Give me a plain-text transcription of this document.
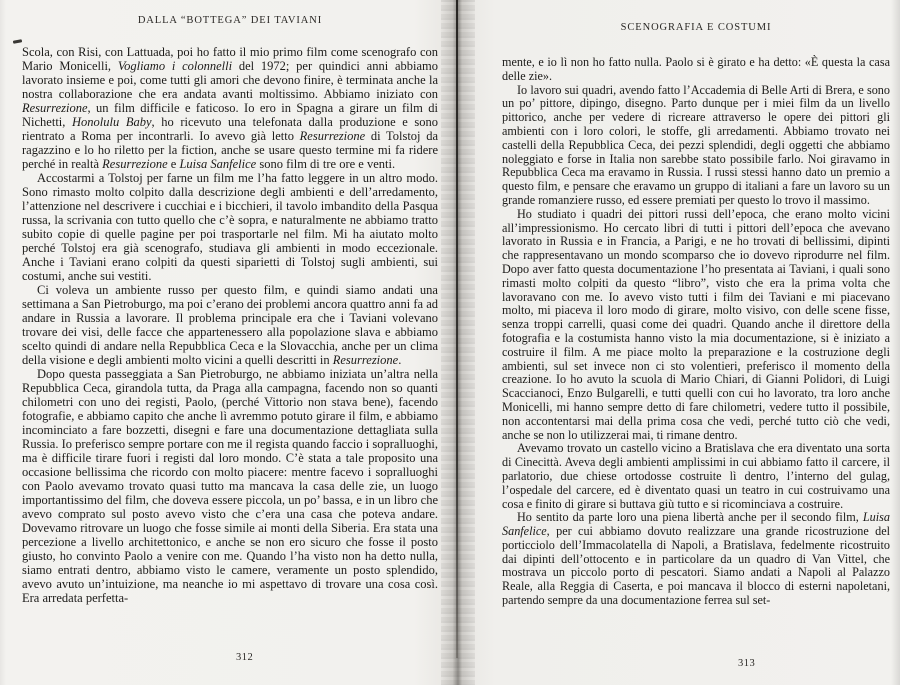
DALLA “BOTTEGA” DEI TAVIANI

Scola, con Risi, con Lattuada, poi ho fatto il mio primo film come scenografo con Mario Monicelli, Vogliamo i colonnelli del 1972; per quindici anni abbiamo lavorato insieme e poi, come tutti gli amori che devono finire, è terminata anche la nostra collaborazione che era andata avanti moltissimo. Abbiamo iniziato con Resurrezione, un film difficile e faticoso. Io ero in Spagna a girare un film di Nichetti, Honolulu Baby, ho ricevuto una telefonata dalla produzione e sono rientrato a Roma per incontrarli. Io avevo già letto Resurrezione di Tolstoj da ragazzino e lo ho riletto per la fiction, anche se usare questo termine mi fa ridere perché in realtà Resurrezione e Luisa Sanfelice sono film di tre ore e venti.

Accostarmi a Tolstoj per farne un film me l’ha fatto leggere in un altro modo. Sono rimasto molto colpito dalla descrizione degli ambienti e dell’arredamento, l’attenzione nel descrivere i cucchiai e i bicchieri, il tavolo imbandito della Pasqua russa, la scrivania con tutto quello che c’è sopra, e naturalmente ne abbiamo tratto subito copie di quelle pagine per poi trasportarle nel film. Mi ha aiutato molto perché Tolstoj era già scenografo, studiava gli ambienti in modo eccezionale. Anche i Taviani erano colpiti da questi siparietti di Tolstoj sugli ambienti, sui costumi, anche sui vestiti.

Ci voleva un ambiente russo per questo film, e quindi siamo andati una settimana a San Pietroburgo, ma poi c’erano dei problemi ancora quattro anni fa ad andare in Russia a lavorare. Il problema principale era che i Taviani volevano trovare dei visi, delle facce che appartenessero alla popolazione slava e abbiamo scelto quindi di andare nella Repubblica Ceca e la Slovacchia, anche per un clima della visione e degli ambienti molto vicini a quelli descritti in Resurrezione.

Dopo questa passeggiata a San Pietroburgo, ne abbiamo iniziata un’altra nella Repubblica Ceca, girandola tutta, da Praga alla campagna, facendo non so quanti chilometri con uno dei registi, Paolo, (perché Vittorio non stava bene), facendo fotografie, e abbiamo capito che anche lì avremmo potuto girare il film, e abbiamo incominciato a fare bozzetti, disegni e fare una documentazione dettagliata sulla Russia. Io preferisco sempre portare con me il regista quando faccio i sopralluoghi, ma è difficile tirare fuori i registi dal loro mondo. C’è stata a tale proposito una occasione bellissima che ricordo con molto piacere: mentre facevo i sopralluoghi con Paolo avevamo trovato quasi tutto ma mancava la casa delle zie, un luogo importantissimo del film, che doveva essere piccola, un po’ bassa, e in un libro che avevo comprato sul posto avevo visto che c’era una casa che poteva andare. Dovevamo ritrovare un luogo che fosse simile ai monti della Siberia. Era stata una percezione a livello architettonico, e anche se non ero sicuro che fosse il posto giusto, ho convinto Paolo a venire con me. Quando l’ha visto non ha detto nulla, siamo entrati dentro, abbiamo visto le camere, veramente un posto splendido, avevo avuto un’intuizione, ma neanche io mi aspettavo di trovare una cosa così. Era arredata perfetta-

312
SCENOGRAFIA E COSTUMI

mente, e io lì non ho fatto nulla. Paolo si è girato e ha detto: «È questa la casa delle zie».

Io lavoro sui quadri, avendo fatto l’Accademia di Belle Arti di Brera, e sono un po’ pittore, dipingo, disegno. Parto dunque per i miei film da un livello pittorico, anche per vedere di ricreare attraverso le opere dei pittori gli ambienti con i loro colori, le stoffe, gli arredamenti. Abbiamo trovato nei castelli della Repubblica Ceca, dei pezzi splendidi, degli oggetti che abbiamo noleggiato e forse in Italia non sarebbe stato possibile farlo. Noi giravamo in Repubblica Ceca ma eravamo in Russia. I russi stessi hanno dato un premio a questo film, e pensare che eravamo un gruppo di italiani a fare un lavoro su un grande romanziere russo, ed essere premiati per questo lo trovo il massimo.

Ho studiato i quadri dei pittori russi dell’epoca, che erano molto vicini all’impressionismo. Ho cercato libri di tutti i pittori dell’epoca che avevano lavorato in Russia e in Francia, a Parigi, e ne ho trovati di bellissimi, dipinti che rappresentavano un mondo scomparso che io dovevo riprodurre nel film. Dopo aver fatto questa documentazione l’ho presentata ai Taviani, i quali sono rimasti molto colpiti da questo “libro”, visto che era la prima volta che lavoravano con me. Io avevo visto tutti i film dei Taviani e mi piacevano molto, mi piaceva il loro modo di girare, molto visivo, con delle scene fisse, senza troppi carrelli, quasi come dei quadri. Quando anche il direttore della fotografia e la costumista hanno visto la mia documentazione, si è iniziato a costruire il film. A me piace molto la preparazione e la costruzione degli ambienti, sul set invece non ci sto volentieri, preferisco il momento della creazione. Io ho avuto la scuola di Mario Chiari, di Gianni Polidori, di Luigi Scaccianoci, Enzo Bulgarelli, e tutti quelli con cui ho lavorato, tra loro anche Monicelli, mi hanno sempre detto di fare chilometri, vedere tutto il possibile, non accontentarsi mai della prima cosa che vedi, perché tutto ciò che vedi, anche se non lo utilizzerai mai, ti rimane dentro.

Avevamo trovato un castello vicino a Bratislava che era diventato una sorta di Cinecittà. Aveva degli ambienti amplissimi in cui abbiamo fatto il carcere, il parlatorio, due chiese ortodosse costruite lì dentro, l’interno del gulag, l’ospedale del carcere, ed è diventato quasi un teatro in cui costruivamo una cosa e finito di girare si buttava giù tutto e si ricominciava a costruire.

Ho sentito da parte loro una piena libertà anche per il secondo film, Luisa Sanfelice, per cui abbiamo dovuto realizzare una grande ricostruzione del porticciolo dell’Immacolatella di Napoli, a Bratislava, fedelmente ricostruito dai dipinti dell’ottocento e in particolare da un quadro di Van Vittel, che mostrava un piccolo porto di pescatori. Siamo andati a Napoli al Palazzo Reale, alla Reggia di Caserta, e poi mancava il blocco di esterni napoletani, partendo sempre da una documentazione ferrea sul set-

313
